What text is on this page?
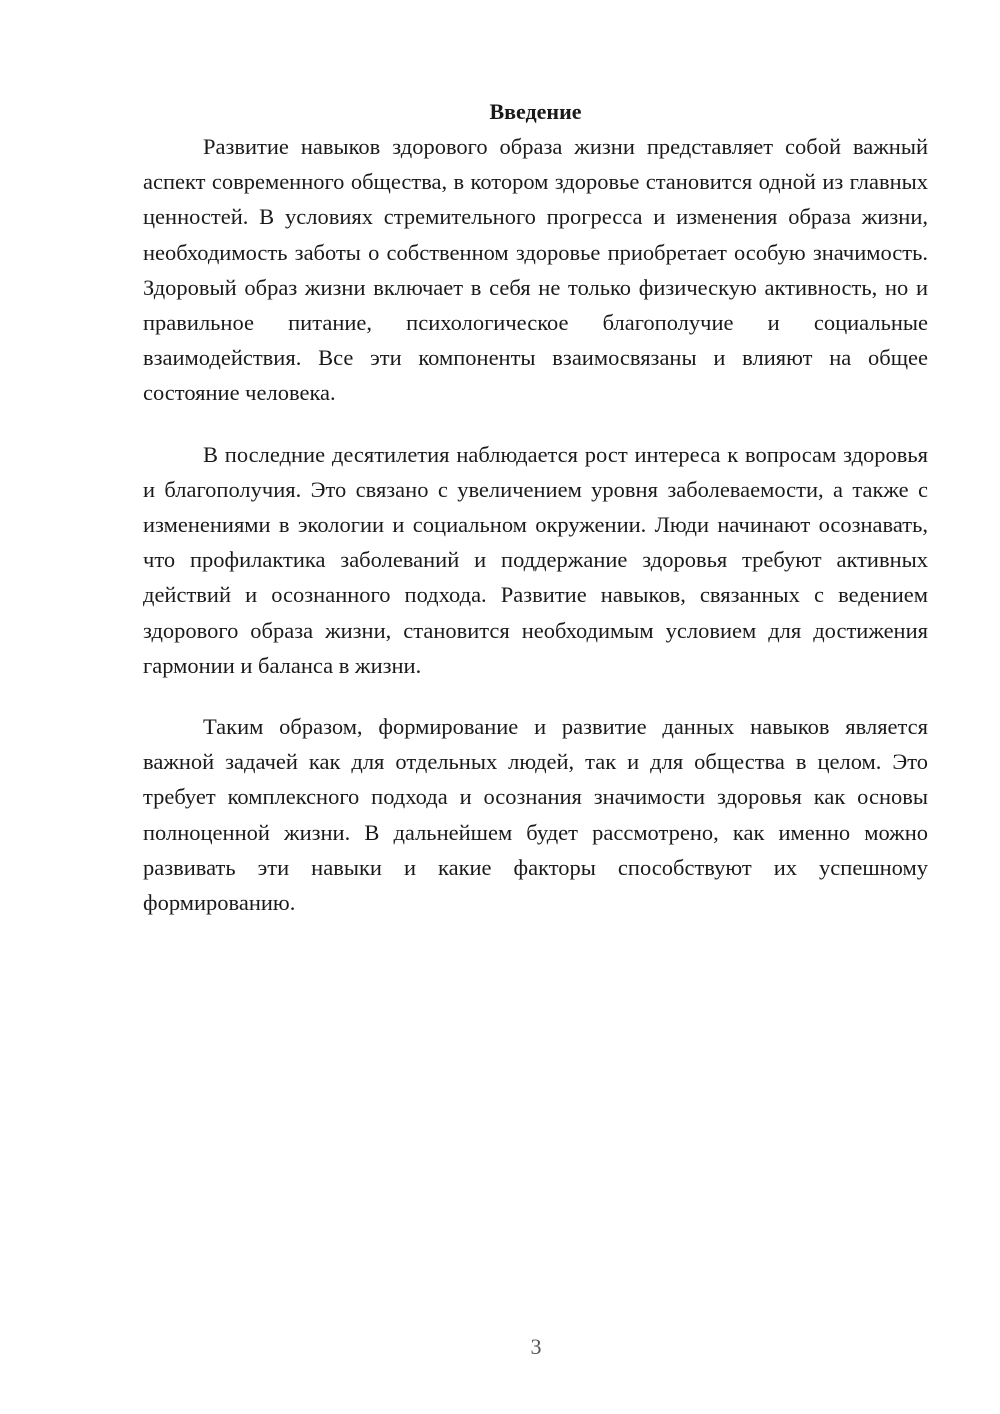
Введение

Развитие навыков здорового образа жизни представляет собой важный аспект современного общества, в котором здоровье становится одной из главных ценностей. В условиях стремительного прогресса и изменения образа жизни, необходимость заботы о собственном здоровье приобретает особую значимость. Здоровый образ жизни включает в себя не только физическую активность, но и правильное питание, психологическое благополучие и социальные взаимодействия. Все эти компоненты взаимосвязаны и влияют на общее состояние человека.

В последние десятилетия наблюдается рост интереса к вопросам здоровья и благополучия. Это связано с увеличением уровня заболеваемости, а также с изменениями в экологии и социальном окружении. Люди начинают осознавать, что профилактика заболеваний и поддержание здоровья требуют активных действий и осознанного подхода. Развитие навыков, связанных с ведением здорового образа жизни, становится необходимым условием для достижения гармонии и баланса в жизни.

Таким образом, формирование и развитие данных навыков является важной задачей как для отдельных людей, так и для общества в целом. Это требует комплексного подхода и осознания значимости здоровья как основы полноценной жизни. В дальнейшем будет рассмотрено, как именно можно развивать эти навыки и какие факторы способствуют их успешному формированию.

3
